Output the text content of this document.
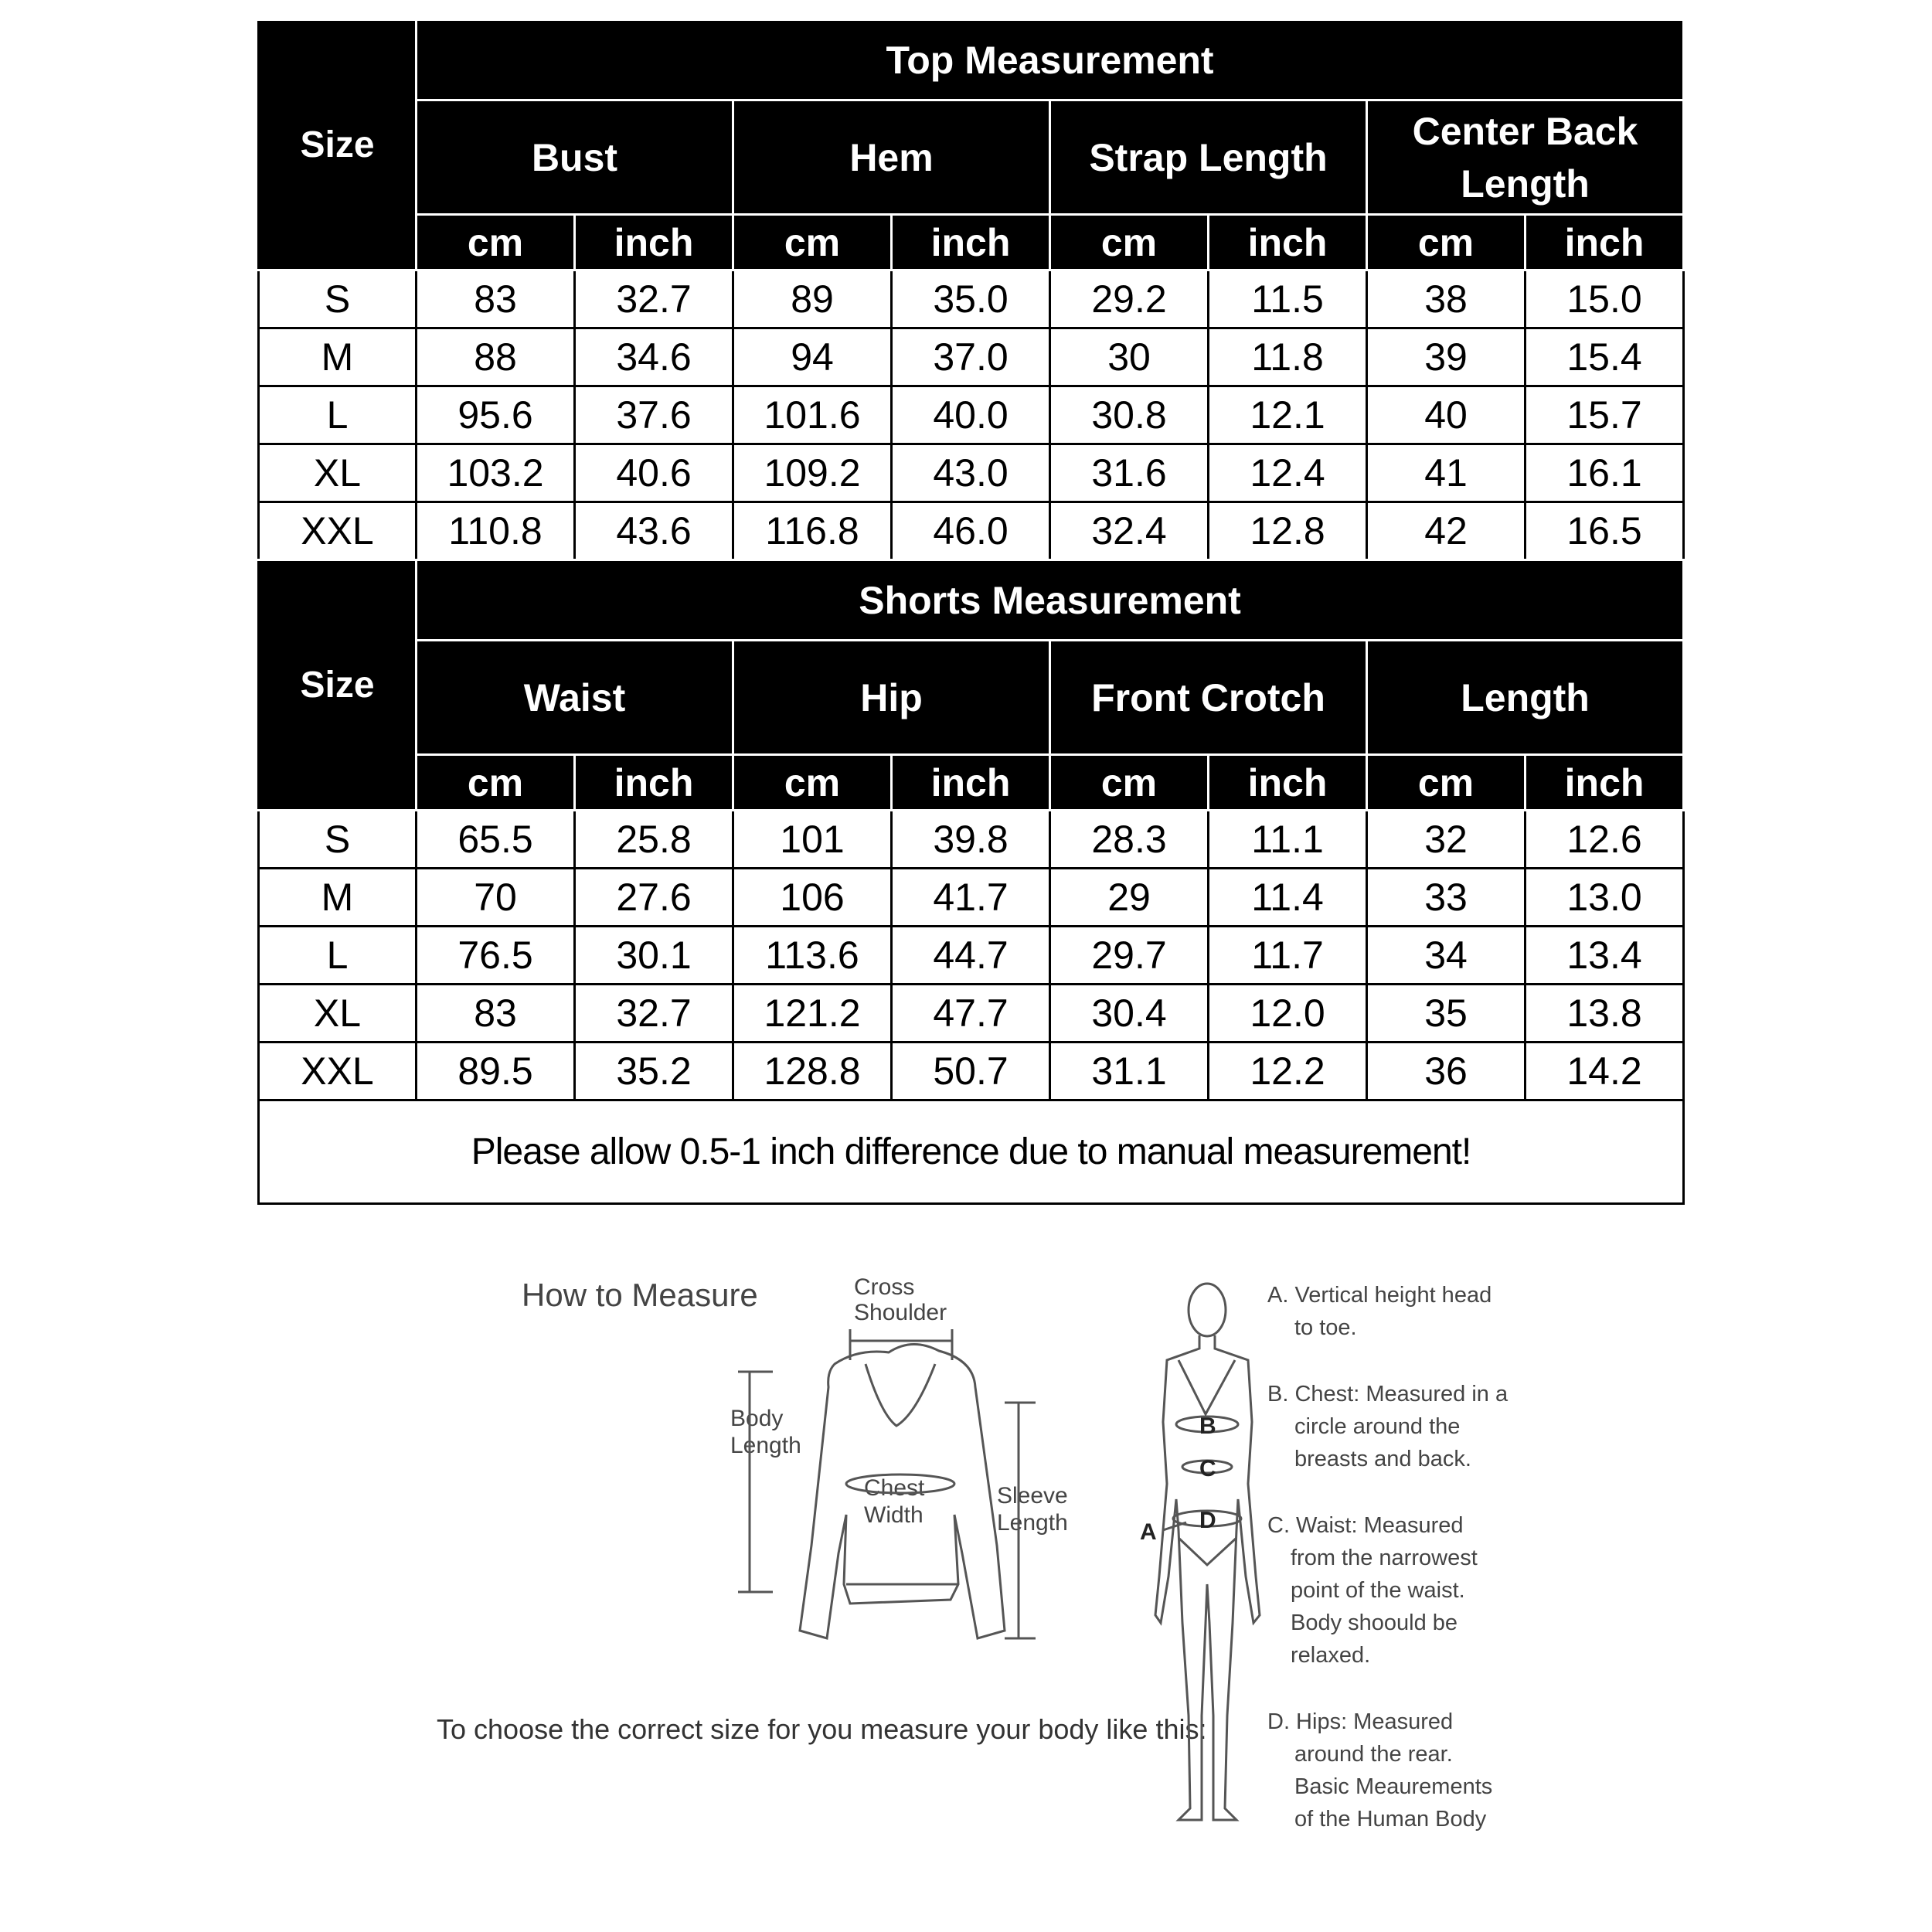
Size	Top Measurement							
	Bust		Hem		Strap Length		Center Back Length	
	cm	inch	cm	inch	cm	inch	cm	inch
S	83	32.7	89	35.0	29.2	11.5	38	15.0
M	88	34.6	94	37.0	30	11.8	39	15.4
L	95.6	37.6	101.6	40.0	30.8	12.1	40	15.7
XL	103.2	40.6	109.2	43.0	31.6	12.4	41	16.1
XXL	110.8	43.6	116.8	46.0	32.4	12.8	42	16.5
Size	Shorts Measurement							
	Waist		Hip		Front Crotch		Length	
	cm	inch	cm	inch	cm	inch	cm	inch
S	65.5	25.8	101	39.8	28.3	11.1	32	12.6
M	70	27.6	106	41.7	29	11.4	33	13.0
L	76.5	30.1	113.6	44.7	29.7	11.7	34	13.4
XL	83	32.7	121.2	47.7	30.4	12.0	35	13.8
XXL	89.5	35.2	128.8	50.7	31.1	12.2	36	14.2
Please allow 0.5-1 inch difference due to manual measurement!								
How to Measure	Cross
Shoulder
Body
Length
Chest
Width
Sleeve
Length
To choose the correct size for you measure your body like this:
B
C
D
A
A. Vertical height head
to toe.
B. Chest: Measured in a
circle around the
breasts and back.
C. Waist: Measured
from the narrowest
point of the waist.
Body shoould be
relaxed.
D. Hips: Measured
around the rear.
Basic Meaurements
of the Human Body
